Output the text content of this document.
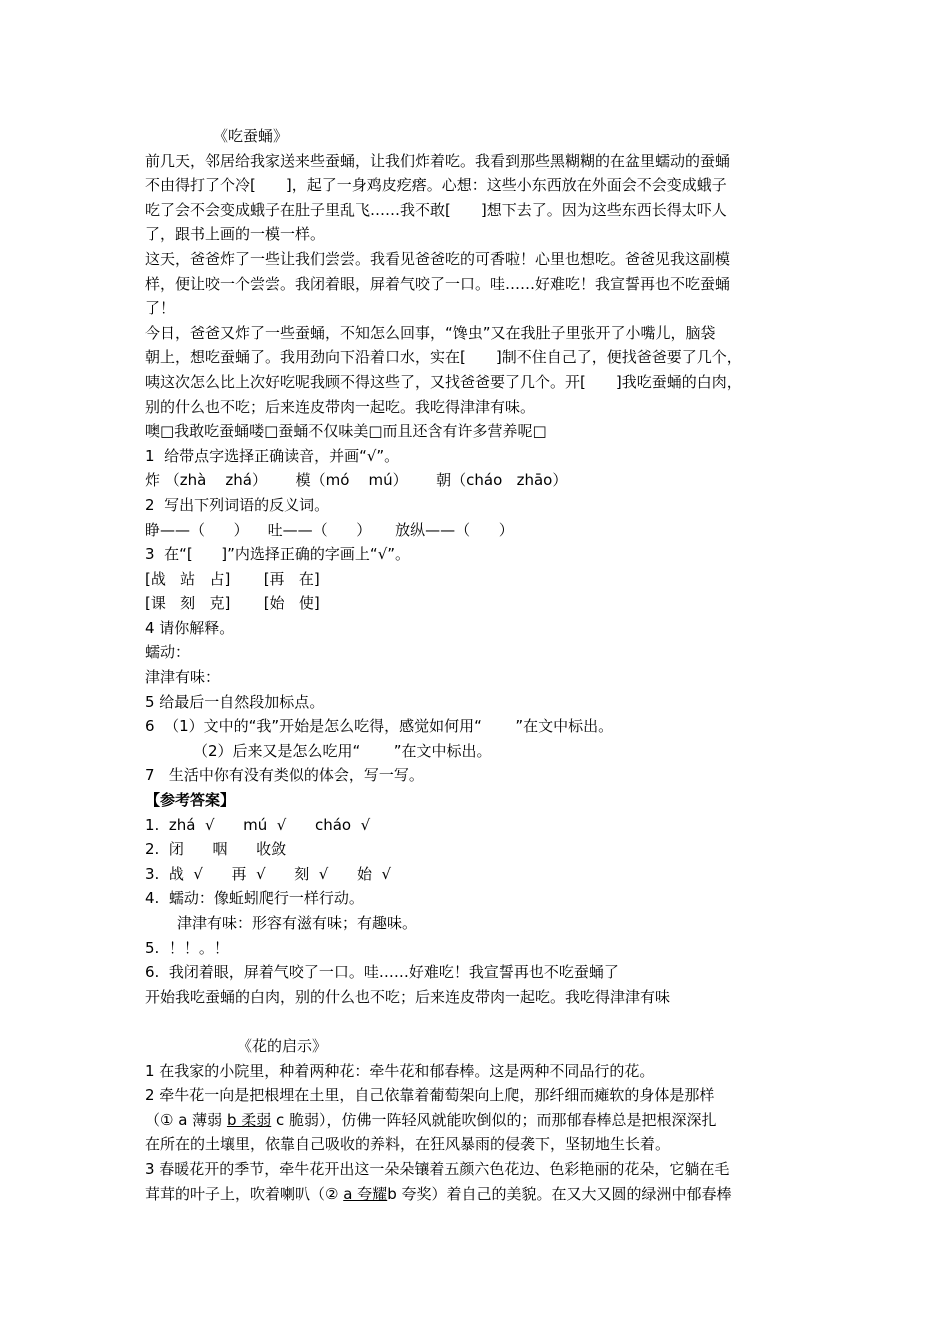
《吃蚕蛹》
前几天，邻居给我家送来些蚕蛹，让我们炸着吃。我看到那些黑糊糊的在盆里蠕动的蚕蛹
不由得打了个冷[　　]，起了一身鸡皮疙瘩。心想：这些小东西放在外面会不会变成蛾子
吃了会不会变成蛾子在肚子里乱飞……我不敢[　　]想下去了。因为这些东西长得太吓人
了，跟书上画的一模一样。
这天，爸爸炸了一些让我们尝尝。我看见爸爸吃的可香啦！心里也想吃。爸爸见我这副模
样，便让咬一个尝尝。我闭着眼，屏着气咬了一口。哇……好难吃！我宣誓再也不吃蚕蛹
了！
今日，爸爸又炸了一些蚕蛹，不知怎么回事，“馋虫”又在我肚子里张开了小嘴儿，脑袋
朝上，想吃蚕蛹了。我用劲向下沿着口水，实在[　　]制不住自己了，便找爸爸要了几个，
咦这次怎么比上次好吃呢我顾不得这些了，又找爸爸要了几个。开[　　]我吃蚕蛹的白肉，
别的什么也不吃；后来连皮带肉一起吃。我吃得津津有味。
噢□我敢吃蚕蛹喽□蚕蛹不仅味美□而且还含有许多营养呢□
1  给带点字选择正确读音，并画“√”。
炸 （zhà    zhá）      模（mó    mú）      朝（cháo   zhāo）
2  写出下列词语的反义词。
睁——（      ）    吐——（      ）     放纵——（      ）
3  在“[      ]”内选择正确的字画上“√”。
[战   站   占]       [再   在]
[课   刻   克]       [始   使]
4 请你解释。
蠕动：
津津有味：
5 给最后一自然段加标点。
6  （1）文中的“我”开始是怎么吃得，感觉如何用“       ”在文中标出。
（2）后来又是怎么吃用“       ”在文中标出。
7   生活中你有没有类似的体会，写一写。
【参考答案】
1.  zhá  √      mú  √      cháo  √
2.  闭      咽      收敛
3.  战  √      再  √      刻  √      始  √
4.  蠕动：像蚯蚓爬行一样行动。
津津有味：形容有滋有味；有趣味。
5.  ！！。！
6.  我闭着眼，屏着气咬了一口。哇……好难吃！我宣誓再也不吃蚕蛹了
开始我吃蚕蛹的白肉，别的什么也不吃；后来连皮带肉一起吃。我吃得津津有味
《花的启示》
1 在我家的小院里，种着两种花：牵牛花和郁春棒。这是两种不同品行的花。
2 牵牛花一向是把根埋在土里，自己依靠着葡萄架向上爬，那纤细而瘫软的身体是那样
（① a 薄弱 b 柔弱 c 脆弱），仿佛一阵轻风就能吹倒似的；而那郁春棒总是把根深深扎
在所在的土壤里，依靠自己吸收的养料，在狂风暴雨的侵袭下，坚韧地生长着。
3 春暖花开的季节，牵牛花开出这一朵朵镶着五颜六色花边、色彩艳丽的花朵，它躺在毛
茸茸的叶子上，吹着喇叭（② a 夸耀b 夸奖）着自己的美貌。在又大又圆的绿洲中郁春棒
